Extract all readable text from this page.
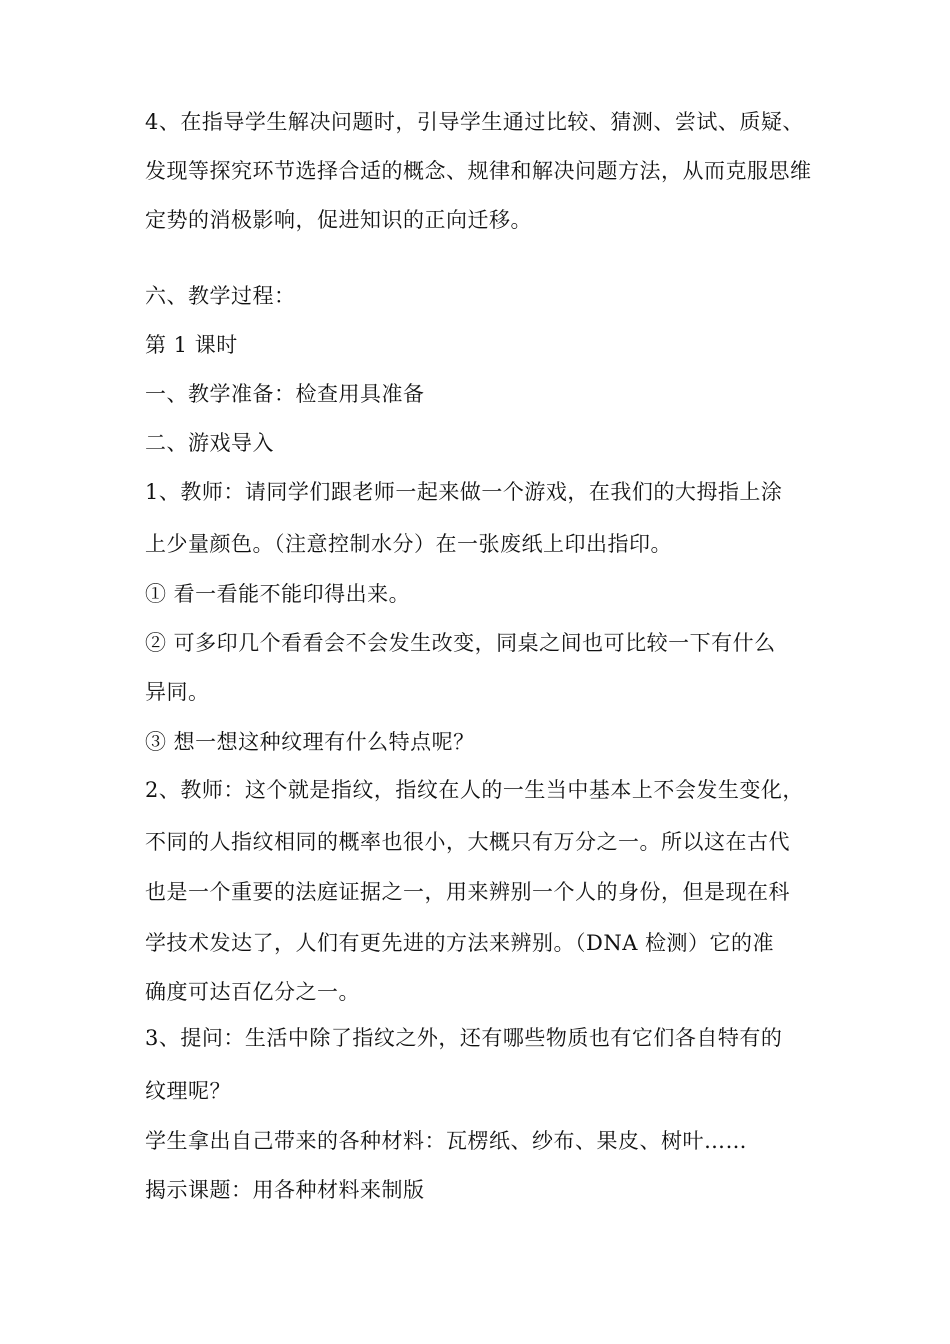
4、在指导学生解决问题时，引导学生通过比较、猜测、尝试、质疑、
发现等探究环节选择合适的概念、规律和解决问题方法，从而克服思维
定势的消极影响，促进知识的正向迁移。
六、教学过程：
第 1 课时
一、教学准备：检查用具准备
二、游戏导入
1、教师：请同学们跟老师一起来做一个游戏，在我们的大拇指上涂
上少量颜色。（注意控制水分）在一张废纸上印出指印。
① 看一看能不能印得出来。
② 可多印几个看看会不会发生改变，同桌之间也可比较一下有什么
异同。
③ 想一想这种纹理有什么特点呢？
2、教师：这个就是指纹，指纹在人的一生当中基本上不会发生变化，
不同的人指纹相同的概率也很小，大概只有万分之一。所以这在古代
也是一个重要的法庭证据之一，用来辨别一个人的身份，但是现在科
学技术发达了，人们有更先进的方法来辨别。（DNA 检测）它的准
确度可达百亿分之一。
3、提问：生活中除了指纹之外，还有哪些物质也有它们各自特有的
纹理呢？
学生拿出自己带来的各种材料：瓦楞纸、纱布、果皮、树叶……
揭示课题：用各种材料来制版
